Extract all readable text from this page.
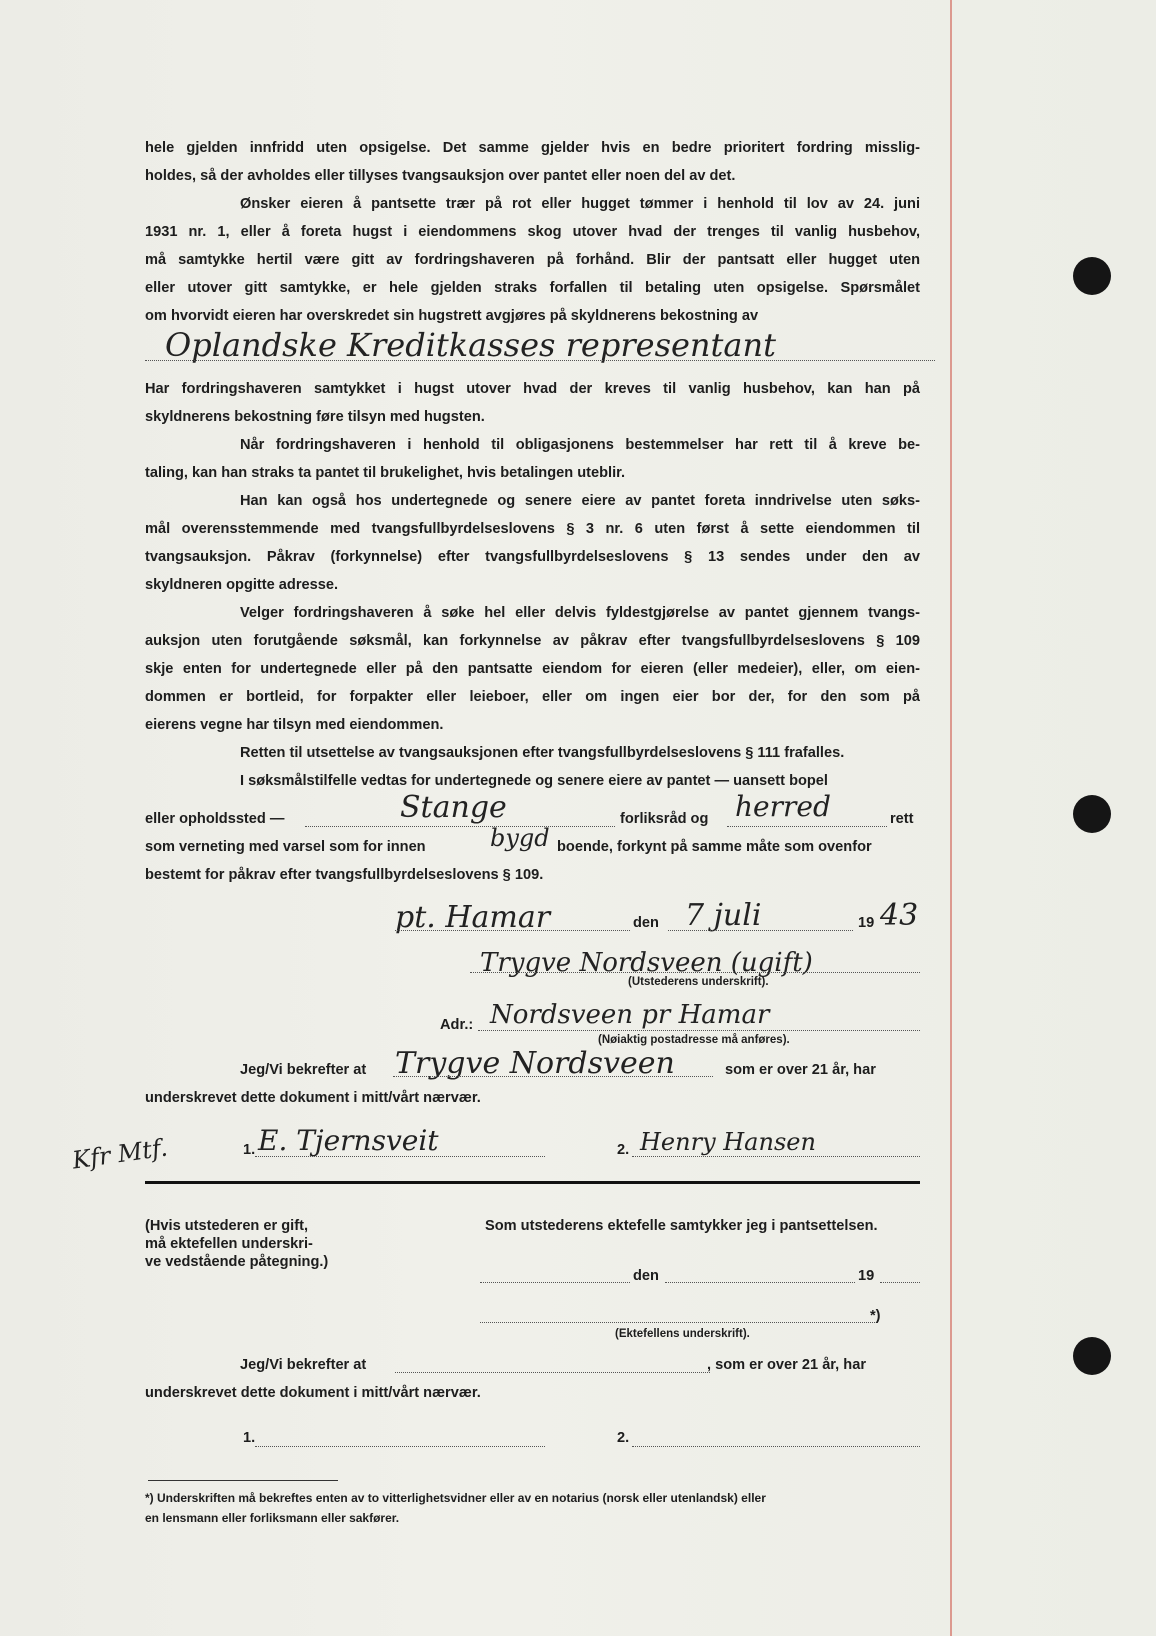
hele gjelden innfridd uten opsigelse. Det samme gjelder hvis en bedre prioritert fordring misslig-
holdes, så der avholdes eller tillyses tvangsauksjon over pantet eller noen del av det.
Ønsker eieren å pantsette trær på rot eller hugget tømmer i henhold til lov av 24. juni
1931 nr. 1, eller å foreta hugst i eiendommens skog utover hvad der trenges til vanlig husbehov,
må samtykke hertil være gitt av fordringshaveren på forhånd. Blir der pantsatt eller hugget uten
eller utover gitt samtykke, er hele gjelden straks forfallen til betaling uten opsigelse. Spørsmålet
om hvorvidt eieren har overskredet sin hugstrett avgjøres på skyldnerens bekostning av
Oplandske Kreditkasses representant
Har fordringshaveren samtykket i hugst utover hvad der kreves til vanlig husbehov, kan han på
skyldnerens bekostning føre tilsyn med hugsten.
Når fordringshaveren i henhold til obligasjonens bestemmelser har rett til å kreve be-
taling, kan han straks ta pantet til brukelighet, hvis betalingen uteblir.
Han kan også hos undertegnede og senere eiere av pantet foreta inndrivelse uten søks-
mål overensstemmende med tvangsfullbyrdelseslovens § 3 nr. 6 uten først å sette eiendommen til
tvangsauksjon. Påkrav (forkynnelse) efter tvangsfullbyrdelseslovens § 13 sendes under den av
skyldneren opgitte adresse.
Velger fordringshaveren å søke hel eller delvis fyldestgjørelse av pantet gjennem tvangs-
auksjon uten forutgående søksmål, kan forkynnelse av påkrav efter tvangsfullbyrdelseslovens § 109
skje enten for undertegnede eller på den pantsatte eiendom for eieren (eller medeier), eller, om eien-
dommen er bortleid, for forpakter eller leieboer, eller om ingen eier bor der, for den som på
eierens vegne har tilsyn med eiendommen.
Retten til utsettelse av tvangsauksjonen efter tvangsfullbyrdelseslovens § 111 frafalles.
I søksmålstilfelle vedtas for undertegnede og senere eiere av pantet — uansett bopel
eller opholdssted —	Stange	forliksråd og herred	rett
som verneting med varsel som for innen	bygd boende, forkynt på samme måte som ovenfor
bestemt for påkrav efter tvangsfullbyrdelseslovens § 109.
pt. Hamar	den 7 juli	19 43
Trygve Nordsveen (ugift)
(Utstederens underskrift).
Adr.: Nordsveen pr Hamar
(Nøiaktig postadresse må anføres).
Jeg/Vi bekrefter at Trygve Nordsveen	som er over 21 år, har
underskrevet dette dokument i mitt/vårt nærvær.
Kfr Mtf.	1. E. Tjernsveit	2. Henry Hansen
(Hvis utstederen er gift,
må ektefellen underskri-
ve vedstående påtegning.)
Som utstederens ektefelle samtykker jeg i pantsettelsen.
den	19
*)
(Ektefellens underskrift).
Jeg/Vi bekrefter at	, som er over 21 år, har
underskrevet dette dokument i mitt/vårt nærvær.
1.	2.
*) Underskriften må bekreftes enten av to vitterlighetsvidner eller av en notarius (norsk eller utenlandsk) eller
en lensmann eller forliksmann eller sakfører.
